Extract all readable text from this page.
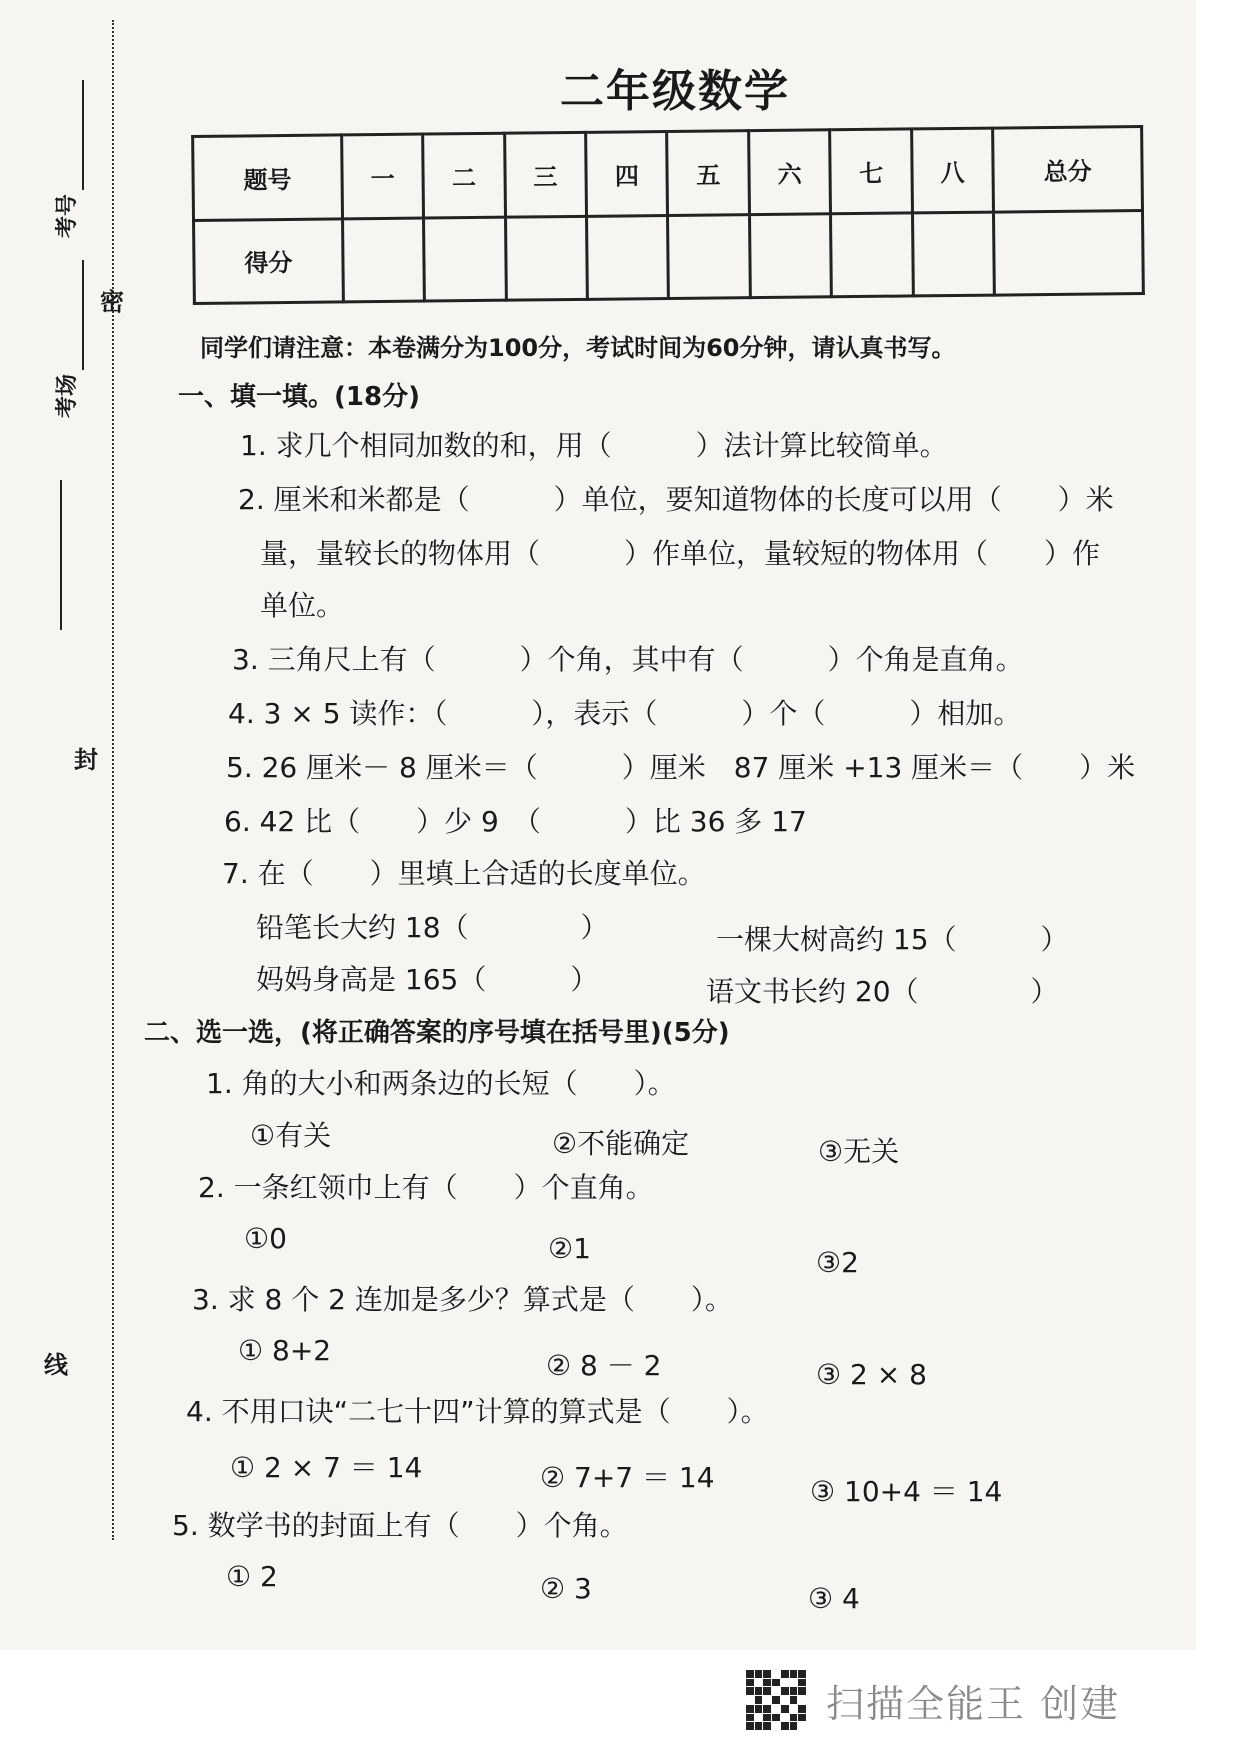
考号
考场
密
封
线
二年级数学
题号	一	二	三	四	五	六	七	八	总分
得分									
同学们请注意：本卷满分为100分，考试时间为60分钟，请认真书写。
一、填一填。(18分)
1. 求几个相同加数的和，用（　　　）法计算比较简单。
2. 厘米和米都是（　　　）单位，要知道物体的长度可以用（　　）米
量，量较长的物体用（　　　）作单位，量较短的物体用（　　）作
单位。
3. 三角尺上有（　　　）个角，其中有（　　　）个角是直角。
4. 3 × 5 读作：（　　　），表示（　　　）个（　　　）相加。
5. 26 厘米－ 8 厘米＝（　　　）厘米　87 厘米 +13 厘米＝（　　）米
6. 42 比（　　）少 9　（　　　）比 36 多 17
7. 在（　　）里填上合适的长度单位。
铅笔长大约 18（　　　　）	一棵大树高约 15（　　　）
妈妈身高是 165（　　　）	语文书长约 20（　　　　）
二、选一选，(将正确答案的序号填在括号里)(5分)
1. 角的大小和两条边的长短（　　）。
①有关	②不能确定	③无关
2. 一条红领巾上有（　　）个直角。
①0	②1	③2
3. 求 8 个 2 连加是多少？算式是（　　）。
① 8+2	② 8 － 2	③ 2 × 8
4. 不用口诀“二七十四”计算的算式是（　　）。
① 2 × 7 ＝ 14	② 7+7 ＝ 14	③ 10+4 ＝ 14
5. 数学书的封面上有（　　）个角。
① 2	② 3	③ 4
扫描全能王 创建
